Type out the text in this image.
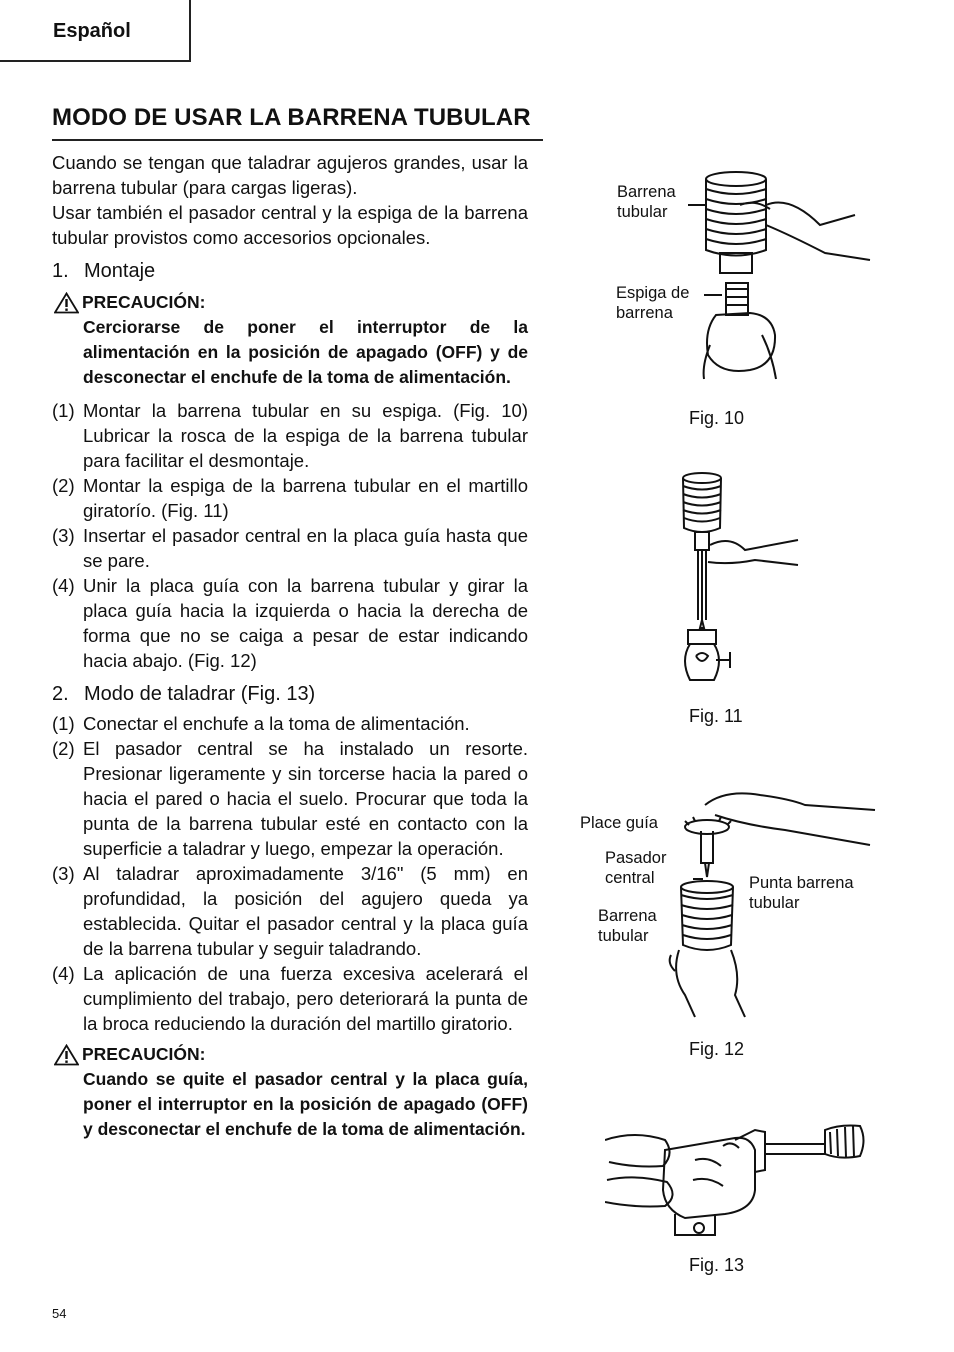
Español
MODO DE USAR LA BARRENA TUBULAR

Cuando se tengan que taladrar agujeros grandes, usar la barrena tubular (para cargas ligeras).

Usar también el pasador central y la espiga de la barrena tubular provistos como accesorios opcionales.

1. Montaje

PRECAUCIÓN :

Cerciorarse de poner el interruptor de la alimentación en la posición de apagado (OFF) y de desconectar el enchufe de la toma de alimentación.

(1) Montar la barrena tubular en su espiga. (Fig. 10) Lubricar la rosca de la espiga de la barrena tubular para facilitar el desmontaje.
(2) Montar la espiga de la barrena tubular en el martillo giratorío. (Fig. 11)
(3) Insertar el pasador central en la placa guía hasta que se pare.
(4) Unir la placa guía con la barrena tubular y girar la placa guía hacia la izquierda o hacia la derecha de forma que no se caiga a pesar de estar indicando hacia abajo. (Fig. 12)

2. Modo de taladrar (Fig. 13)

(1) Conectar el enchufe a la toma de alimentación.
(2) El pasador central se ha instalado un resorte. Presionar ligeramente y sin torcerse hacia la pared o hacia el pared o hacia el suelo. Procurar que toda la punta de la barrena tubular esté en contacto con la superficie a taladrar y luego, empezar la operación.
(3) Al taladrar aproximadamente 3/16" (5 mm) en profundidad, la posición del agujero queda ya establecida. Quitar el pasador central y la placa guía de la barrena tubular y seguir taladrando.
(4) La aplicación de una fuerza excesiva acelerará el cumplimiento del trabajo, pero deteriorará la punta de la broca reduciendo la duración del martillo giratorio.
PRECAUCIÓN :

Cuando se quite el pasador central y la placa guía, poner el interruptor en la posición de apagado (OFF) y desconectar el enchufe de la toma de alimentación.

Barrena
tubular
Espiga de
barrena
Fig. 10
Fig. 11
Place guía
Pasador
central	Punta barrena
tubular
Barrena
tubular
Fig. 12
Fig. 13
54
